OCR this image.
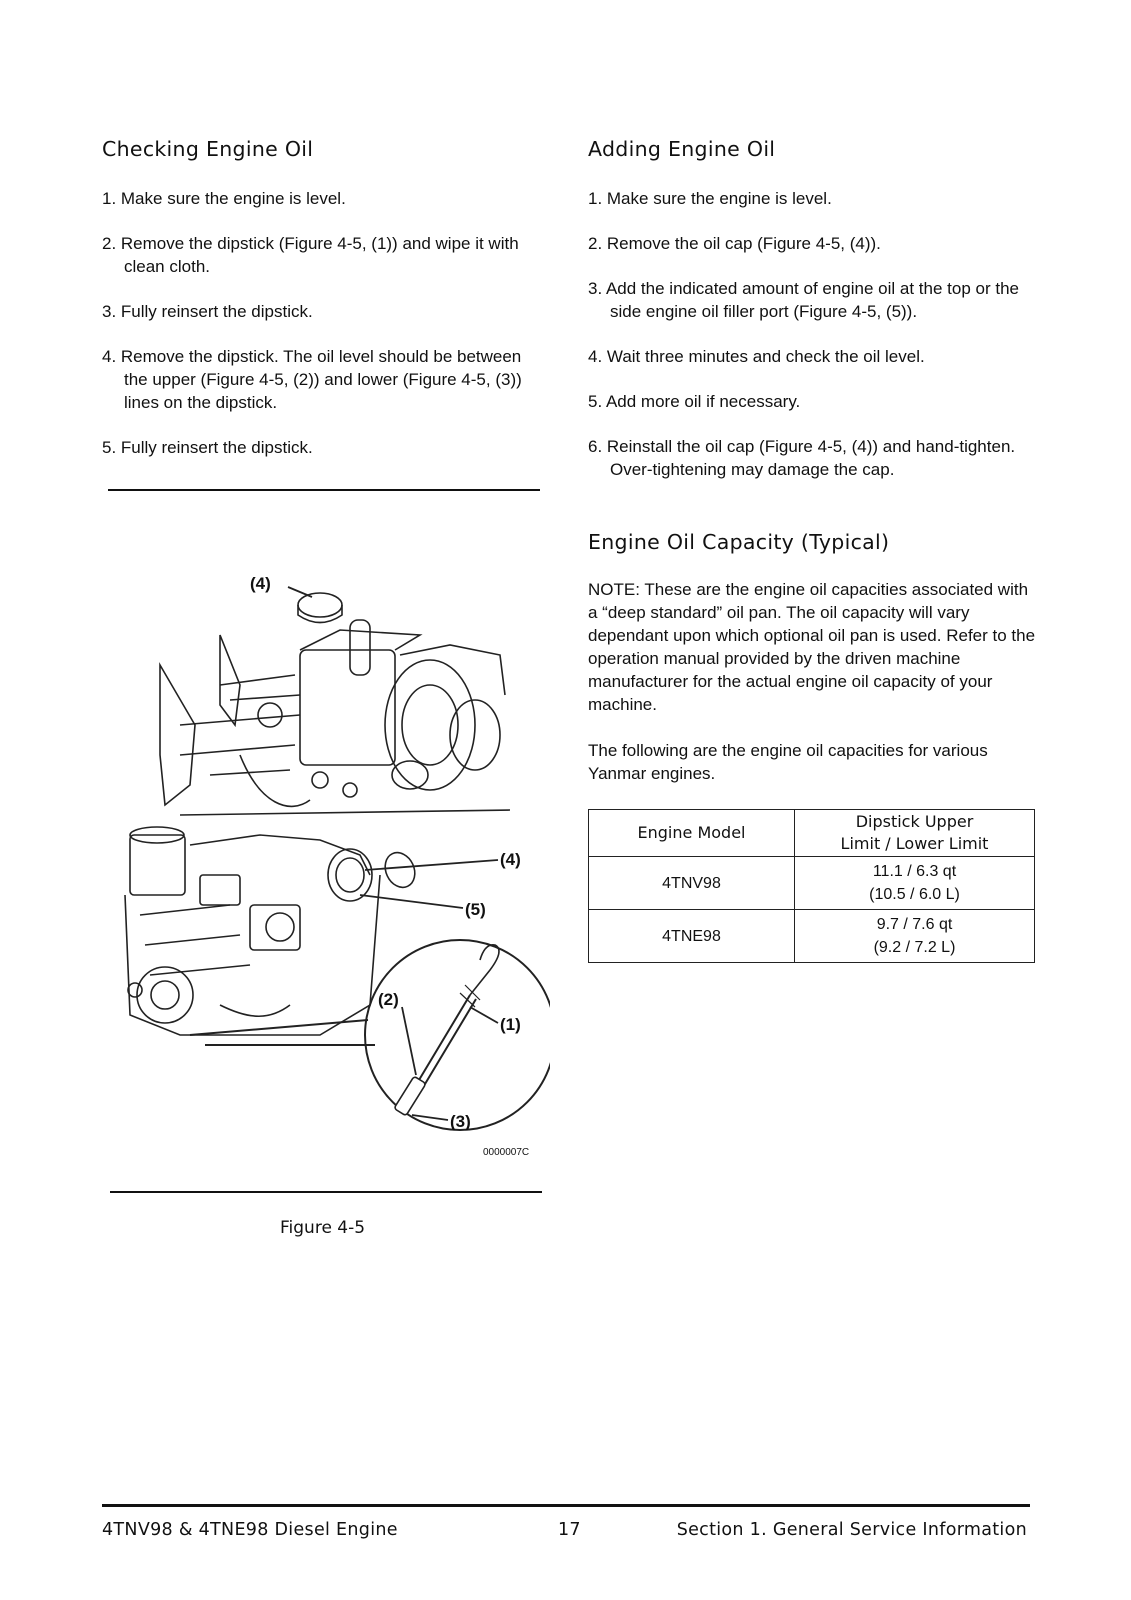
Checking Engine Oil
1. Make sure the engine is level.
2. Remove the dipstick (Figure 4-5, (1)) and wipe it with clean cloth.
3. Fully reinsert the dipstick.
4. Remove the dipstick. The oil level should be between the upper (Figure 4-5, (2)) and lower (Figure 4-5, (3)) lines on the dipstick.
5. Fully reinsert the dipstick.
Adding Engine Oil
1. Make sure the engine is level.
2. Remove the oil cap (Figure 4-5, (4)).
3. Add the indicated amount of engine oil at the top or the side engine oil filler port (Figure 4-5, (5)).
4. Wait three minutes and check the oil level.
5. Add more oil if necessary.
6. Reinstall the oil cap (Figure 4-5, (4)) and hand-tighten. Over-tightening may damage the cap.
Engine Oil Capacity (Typical)

NOTE: These are the engine oil capacities associated with a “deep standard” oil pan. The oil capacity will vary dependant upon which optional oil pan is used. Refer to the operation manual provided by the driven machine manufacturer for the actual engine oil capacity of your machine.

The following are the engine oil capacities for various Yanmar engines.

Engine Model	Dipstick Upper
Limit / Lower Limit

4TNV98	11.1 / 6.3 qt
(10.5 / 6.0 L)

4TNE98	9.7 / 7.6 qt
(9.2 / 7.2 L)
(4)
(4)
(5)
(2)
(1)
(3)
0000007C
Figure 4-5
4TNV98 & 4TNE98 Diesel Engine	17	Section 1. General Service Information
